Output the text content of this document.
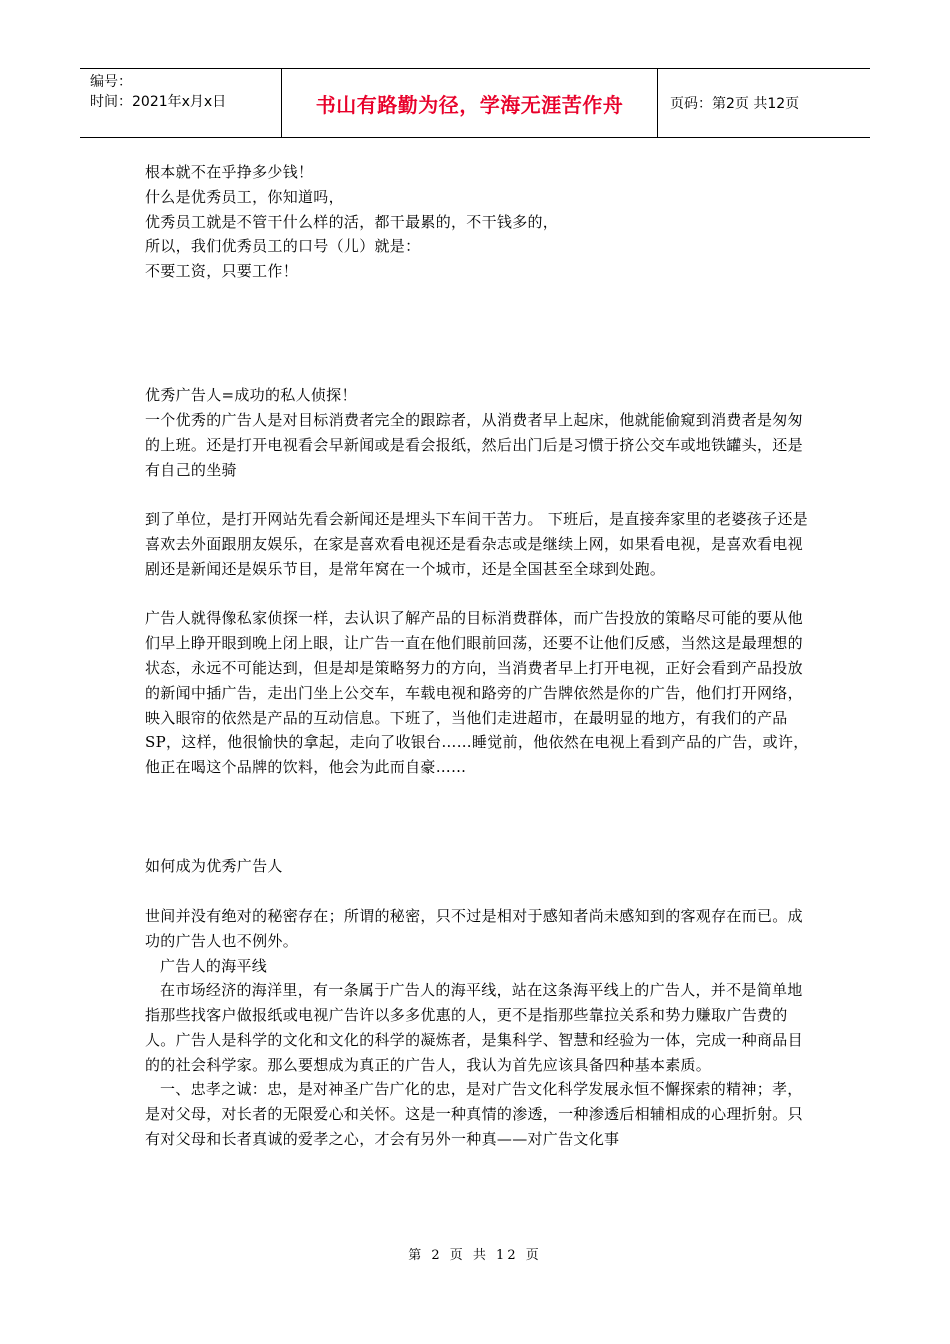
编号：
时间：2021年x月x日	书山有路勤为径，学海无涯苦作舟	页码：第2页 共12页

根本就不在乎挣多少钱！

什么是优秀员工，你知道吗，

优秀员工就是不管干什么样的活，都干最累的，不干钱多的，

所以，我们优秀员工的口号（儿）就是：

不要工资，只要工作！

优秀广告人=成功的私人侦探！

一个优秀的广告人是对目标消费者完全的跟踪者，从消费者早上起床，他就能偷窥到消费者是匆匆的上班。还是打开电视看会早新闻或是看会报纸，然后出门后是习惯于挤公交车或地铁罐头，还是有自己的坐骑

到了单位，是打开网站先看会新闻还是埋头下车间干苦力。 下班后，是直接奔家里的老婆孩子还是喜欢去外面跟朋友娱乐，在家是喜欢看电视还是看杂志或是继续上网，如果看电视，是喜欢看电视剧还是新闻还是娱乐节目，是常年窝在一个城市，还是全国甚至全球到处跑。

广告人就得像私家侦探一样，去认识了解产品的目标消费群体，而广告投放的策略尽可能的要从他们早上睁开眼到晚上闭上眼，让广告一直在他们眼前回荡，还要不让他们反感，当然这是最理想的状态，永远不可能达到，但是却是策略努力的方向，当消费者早上打开电视，正好会看到产品投放的新闻中插广告，走出门坐上公交车，车载电视和路旁的广告牌依然是你的广告，他们打开网络，映入眼帘的依然是产品的互动信息。下班了，当他们走进超市，在最明显的地方，有我们的产品SP，这样，他很愉快的拿起，走向了收银台……睡觉前，他依然在电视上看到产品的广告，或许，他正在喝这个品牌的饮料，他会为此而自豪……

如何成为优秀广告人

世间并没有绝对的秘密存在；所谓的秘密，只不过是相对于感知者尚未感知到的客观存在而已。成功的广告人也不例外。

广告人的海平线

在市场经济的海洋里，有一条属于广告人的海平线，站在这条海平线上的广告人，并不是简单地指那些找客户做报纸或电视广告许以多多优惠的人，更不是指那些靠拉关系和势力赚取广告费的人。广告人是科学的文化和文化的科学的凝炼者，是集科学、智慧和经验为一体，完成一种商品目的的社会科学家。那么要想成为真正的广告人，我认为首先应该具备四种基本素质。

一、忠孝之诚：忠，是对神圣广告广化的忠，是对广告文化科学发展永恒不懈探索的精神；孝，是对父母，对长者的无限爱心和关怀。这是一种真情的渗透，一种渗透后相辅相成的心理折射。只有对父母和长者真诚的爱孝之心，才会有另外一种真——对广告文化事

第 2 页 共 12 页
